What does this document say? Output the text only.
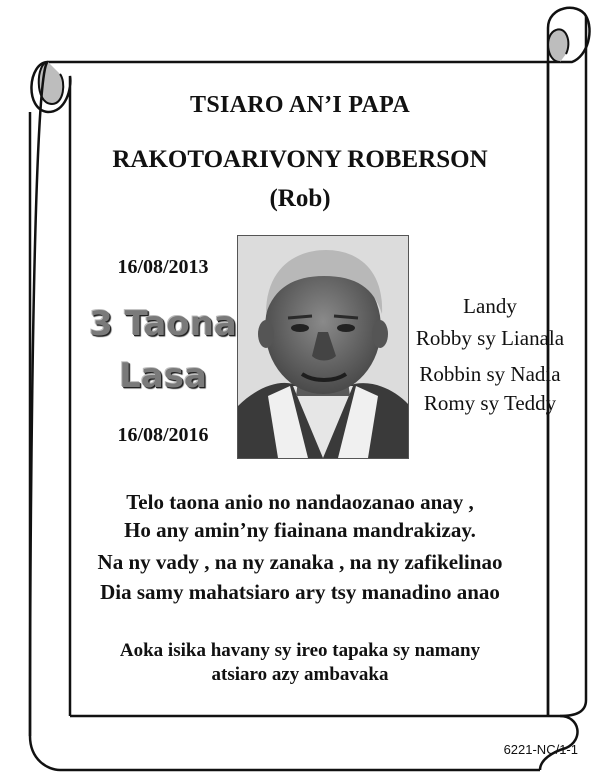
TSIARO AN’I PAPA
RAKOTOARIVONY ROBERSON
(Rob)
16/08/2013
3 Taona
Lasa
16/08/2016
Landy
Robby sy Lianala
Robbin sy Nadia
Romy sy Teddy
Telo taona anio no nandaozanao anay ,
Ho any amin’ny fiainana mandrakizay.
Na ny vady , na ny zanaka , na ny zafikelinao
Dia samy mahatsiaro ary tsy manadino anao
Aoka isika havany sy ireo tapaka sy namany
atsiaro azy ambavaka
6221-NC/1-1
